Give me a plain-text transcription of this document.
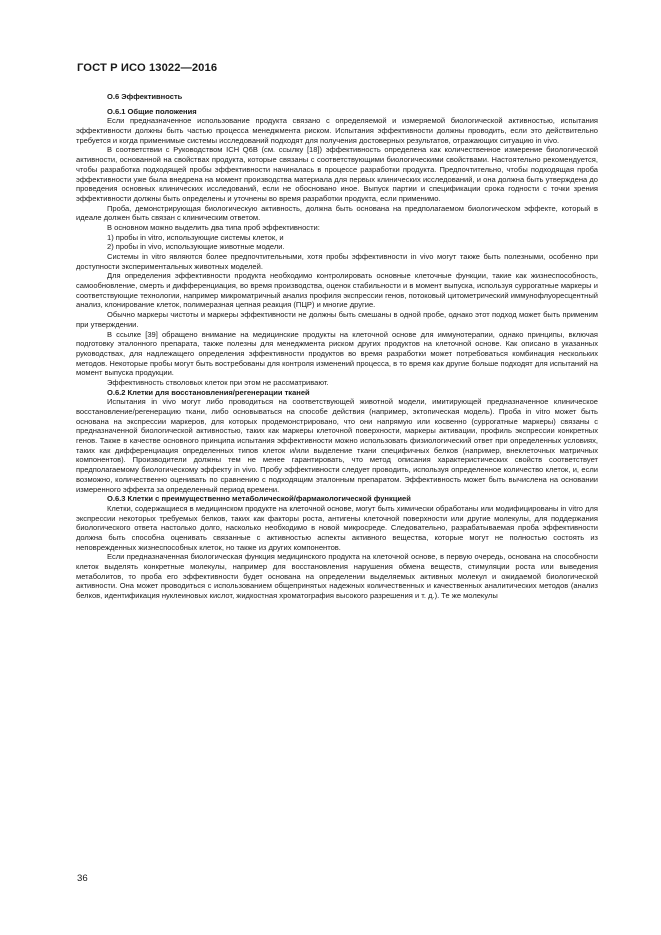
ГОСТ Р ИСО 13022—2016
О.6 Эффективность
О.6.1 Общие положения

Если предназначенное использование продукта связано с определяемой и измеряемой биологической активностью, испытания эффективности должны быть частью процесса менеджмента риском. Испытания эффективности должны проводить, если это действительно требуется и когда применимые системы исследований подходят для получения достоверных результатов, отражающих ситуацию in vivo.

В соответствии с Руководством ICH Q6B (см. ссылку [18]) эффективность определена как количественное измерение биологической активности, основанной на свойствах продукта, которые связаны с соответствующими биологическими свойствами. Настоятельно рекомендуется, чтобы разработка подходящей пробы эффективности начиналась в процессе разработки продукта. Предпочтительно, чтобы подходящая проба эффективности уже была внедрена на момент производства материала для первых клинических исследований, и она должна быть утверждена до проведения основных клинических исследований, если не обосновано иное. Выпуск партии и спецификации срока годности с точки зрения эффективности должны быть определены и уточнены во время разработки продукта, если применимо.

Проба, демонстрирующая биологическую активность, должна быть основана на предполагаемом биологическом эффекте, который в идеале должен быть связан с клиническим ответом.

В основном можно выделить два типа проб эффективности:

1) пробы in vitro, использующие системы клеток, и

2) пробы in vivo, использующие животные модели.

Системы in vitro являются более предпочтительными, хотя пробы эффективности in vivo могут также быть полезными, особенно при доступности экспериментальных животных моделей.

Для определения эффективности продукта необходимо контролировать основные клеточные функции, такие как жизнеспособность, самообновление, смерть и дифференциация, во время производства, оценок стабильности и в момент выпуска, используя суррогатные маркеры и соответствующие технологии, например микроматричный анализ профиля экспрессии генов, потоковый цитометрический иммунофлуоресцентный анализ, клонирование клеток, полимеразная цепная реакция (ПЦР) и многие другие.

Обычно маркеры чистоты и маркеры эффективности не должны быть смешаны в одной пробе, однако этот подход может быть применим при утверждении.

В ссылке [39] обращено внимание на медицинские продукты на клеточной основе для иммунотерапии, однако принципы, включая подготовку эталонного препарата, также полезны для менеджмента риском других продуктов на клеточной основе. Как описано в указанных руководствах, для надлежащего определения эффективности продуктов во время разработки может потребоваться комбинация нескольких методов. Некоторые пробы могут быть востребованы для контроля изменений процесса, в то время как другие больше подходят для испытаний на момент выпуска продукции.

Эффективность стволовых клеток при этом не рассматривают.

О.6.2 Клетки для восстановления/регенерации тканей

Испытания in vivo могут либо проводиться на соответствующей животной модели, имитирующей предназначенное клиническое восстановление/регенерацию ткани, либо основываться на способе действия (например, эктопическая модель). Проба in vitro может быть основана на экспрессии маркеров, для которых продемонстрировано, что они напрямую или косвенно (суррогатные маркеры) связаны с предназначенной биологической активностью, таких как маркеры клеточной поверхности, маркеры активации, профиль экспрессии конкретных генов. Также в качестве основного принципа испытания эффективности можно использовать физиологический ответ при определенных условиях, таких как дифференциация определенных типов клеток и/или выделение ткани специфичных белков (например, внеклеточных матричных компонентов). Производители должны тем не менее гарантировать, что метод описания характеристических свойств соответствует предполагаемому биологическому эффекту in vivo. Пробу эффективности следует проводить, используя определенное количество клеток, и, если возможно, количественно оценивать по сравнению с подходящим эталонным препаратом. Эффективность может быть вычислена на основании измеренного эффекта за определенный период времени.

О.6.3 Клетки с преимущественно метаболической/фармакологической функцией

Клетки, содержащиеся в медицинском продукте на клеточной основе, могут быть химически обработаны или модифицированы in vitro для экспрессии некоторых требуемых белков, таких как факторы роста, антигены клеточной поверхности или другие молекулы, для поддержания биологического ответа настолько долго, насколько необходимо в новой микросреде. Следовательно, разрабатываемая проба эффективности должна быть способна оценивать связанные с активностью аспекты активного вещества, которые могут не полностью состоять из неповрежденных жизнеспособных клеток, но также из других компонентов.

Если предназначенная биологическая функция медицинского продукта на клеточной основе, в первую очередь, основана на способности клеток выделять конкретные молекулы, например для восстановления нарушения обмена веществ, стимуляции роста или выведения метаболитов, то проба его эффективности будет основана на определении выделяемых активных молекул и ожидаемой биологической активности. Она может проводиться с использованием общепринятых надежных количественных и качественных аналитических методов (анализ белков, идентификация нуклеиновых кислот, жидкостная хроматография высокого разрешения и т. д.). Те же молекулы

36
